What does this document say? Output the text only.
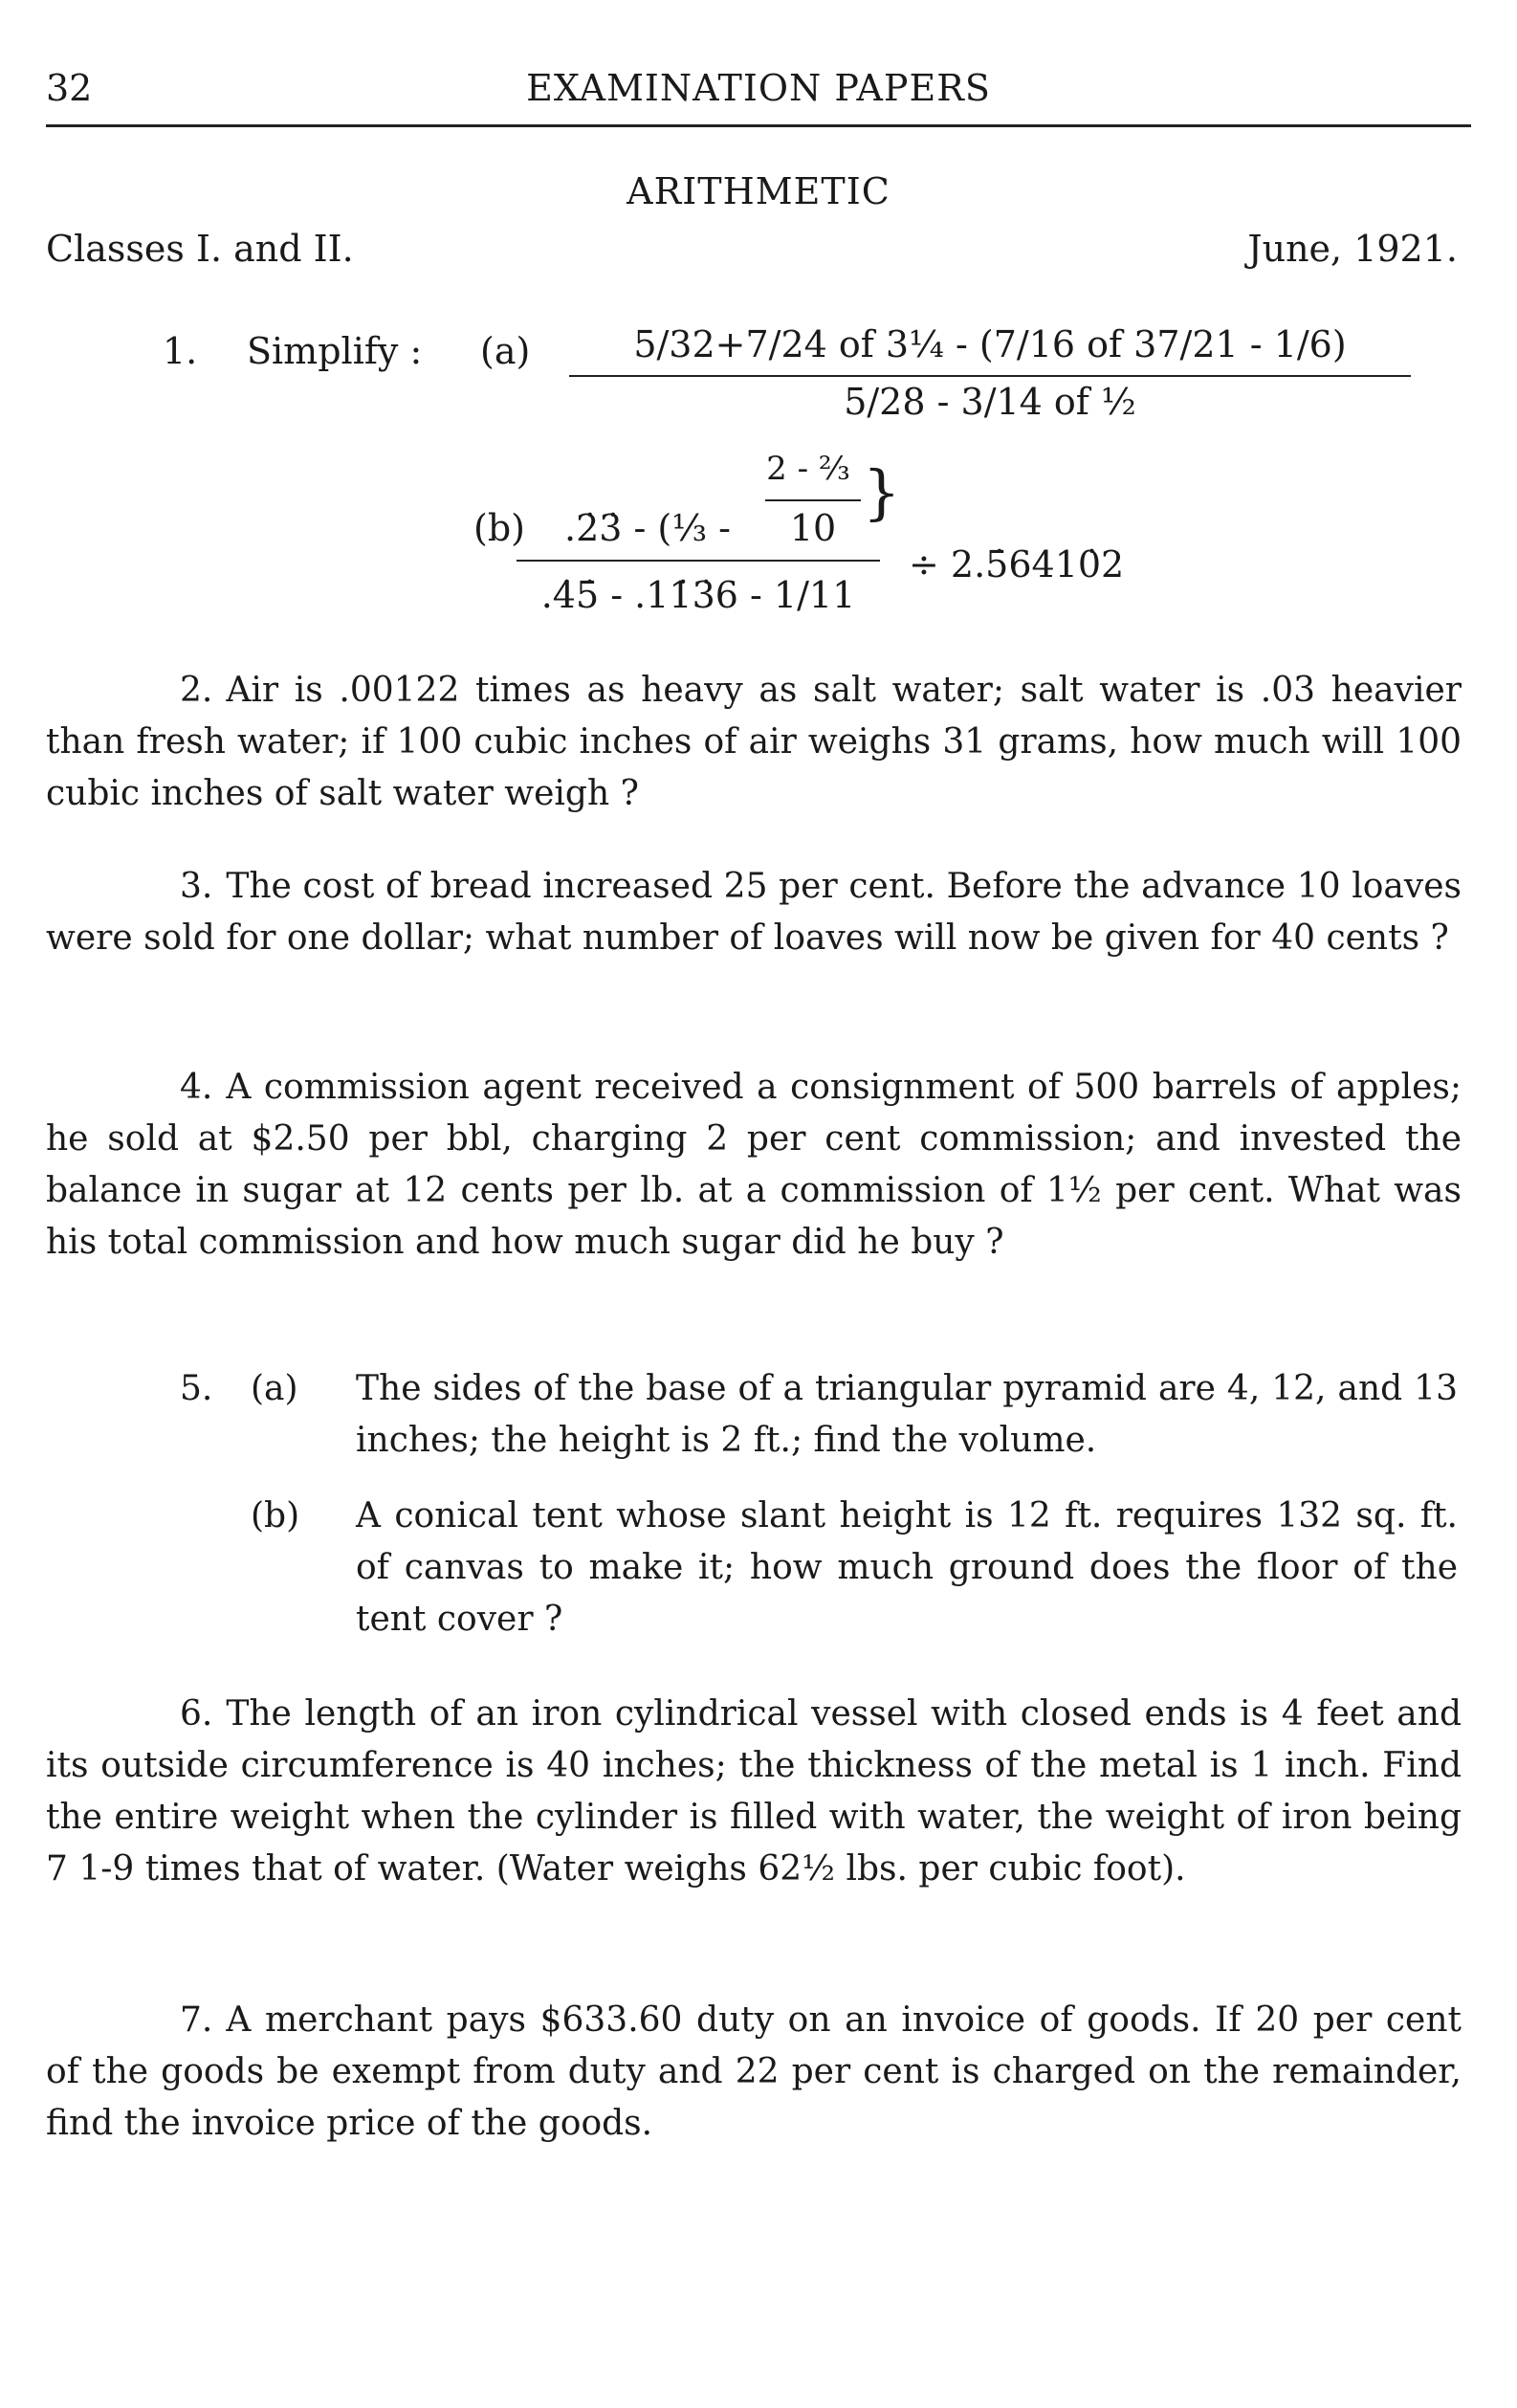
32	EXAMINATION PAPERS
ARITHMETIC
Classes I. and II.	June, 1921.
1. Simplify : (a)	5/32+7/24 of 3¼ - (7/16 of 37/21 - 1/6)
5/28 - 3/14 of ½
(b)
2 - ⅔
.2̇3̇ - (⅓ -	10
}
.4̇5̇ - .11̇3̇6 - 1/11
÷ 2.5̇6410̇2
2. Air is .00122 times as heavy as salt water; salt water is .03 heavier than fresh water; if 100 cubic inches of air weighs 31 grams, how much will 100 cubic inches of salt water weigh ?
3. The cost of bread increased 25 per cent. Before the advance 10 loaves were sold for one dollar; what number of loaves will now be given for 40 cents ?
4. A commission agent received a consignment of 500 barrels of apples; he sold at $2.50 per bbl, charging 2 per cent commission; and invested the balance in sugar at 12 cents per lb. at a commission of 1½ per cent. What was his total commission and how much sugar did he buy ?
5. (a) The sides of the base of a triangular pyramid are 4, 12, and 13 inches; the height is 2 ft.; find the volume.
(b) A conical tent whose slant height is 12 ft. requires 132 sq. ft. of canvas to make it; how much ground does the floor of the tent cover ?
6. The length of an iron cylindrical vessel with closed ends is 4 feet and its outside circumference is 40 inches; the thickness of the metal is 1 inch. Find the entire weight when the cylinder is filled with water, the weight of iron being 7 1-9 times that of water. (Water weighs 62½ lbs. per cubic foot).
7. A merchant pays $633.60 duty on an invoice of goods. If 20 per cent of the goods be exempt from duty and 22 per cent is charged on the remainder, find the invoice price of the goods.
